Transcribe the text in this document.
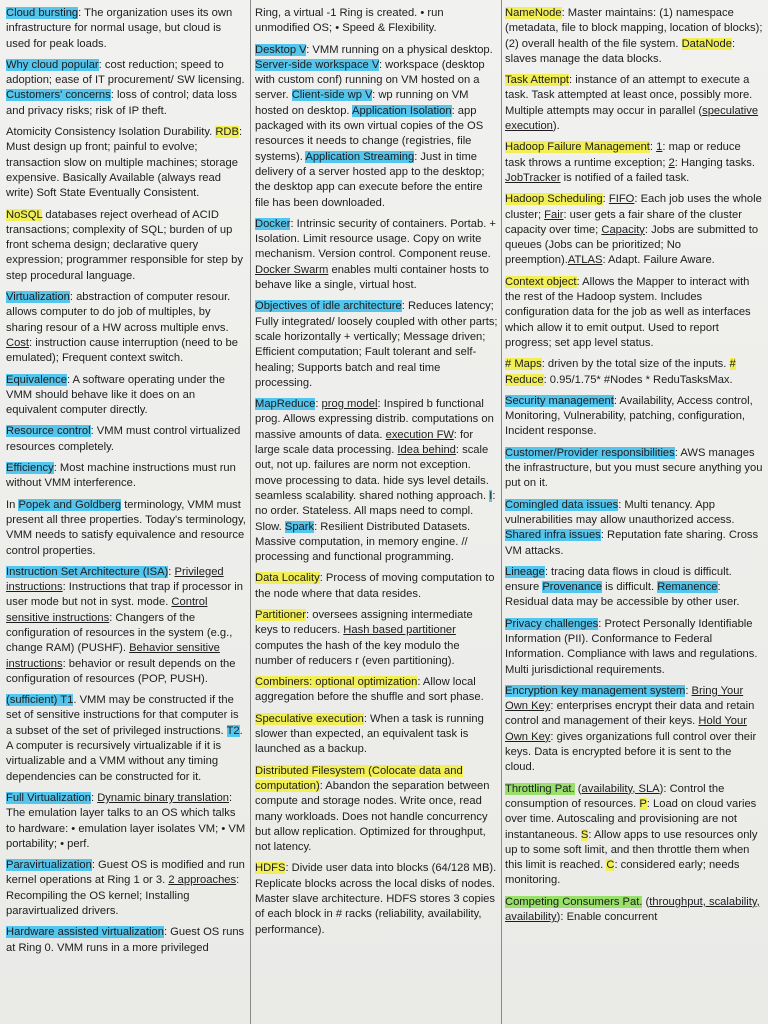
Cloud bursting: The organization uses its own infrastructure for normal usage, but cloud is used for peak loads.

Why cloud popular: cost reduction; speed to adoption; ease of IT procurement/ SW licensing. Customers' concerns: loss of control; data loss and privacy risks; risk of IP theft.

Atomicity Consistency Isolation Durability. RDB: Must design up front; painful to evolve; transaction slow on multiple machines; storage expensive. Basically Available (always read write) Soft State Eventually Consistent.

NoSQL databases reject overhead of ACID transactions; complexity of SQL; burden of up front schema design; declarative query expression; programmer responsible for step by step procedural language.

Virtualization: abstraction of computer resour. allows computer to do job of multiples, by sharing resour of a HW across multiple envs. Cost: instruction cause interruption (need to be emulated); Frequent context switch.

Equivalence: A software operating under the VMM should behave like it does on an equivalent computer directly.

Resource control: VMM must control virtualized resources completely.

Efficiency: Most machine instructions must run without VMM interference.

In Popek and Goldberg terminology, VMM must present all three properties. Today's terminology, VMM needs to satisfy equivalence and resource control properties.

Instruction Set Architecture (ISA): Privileged instructions: Instructions that trap if processor in user mode but not in syst. mode. Control sensitive instructions: Changers of the configuration of resources in the system (e.g., change RAM) (PUSHF). Behavior sensitive instructions: behavior or result depends on the configuration of resources (POP, PUSH).

(sufficient) T1. VMM may be constructed if the set of sensitive instructions for that computer is a subset of the set of privileged instructions. T2. A computer is recursively virtualizable if it is virtualizable and a VMM without any timing dependencies can be constructed for it.

Full Virtualization: Dynamic binary translation: The emulation layer talks to an OS which talks to hardware: • emulation layer isolates VM; • VM portability; • perf.

Paravirtualization: Guest OS is modified and run kernel operations at Ring 1 or 3. 2 approaches: Recompiling the OS kernel; Installing paravirtualized drivers.

Hardware assisted virtualization: Guest OS runs at Ring 0. VMM runs in a more privileged

Ring, a virtual -1 Ring is created. • run unmodified OS; • Speed & Flexibility.

Desktop V: VMM running on a physical desktop. Server-side workspace V: workspace (desktop with custom conf) running on VM hosted on a server. Client-side wp V: wp running on VM hosted on desktop. Application Isolation: app packaged with its own virtual copies of the OS resources it needs to change (registries, file systems). Application Streaming: Just in time delivery of a server hosted app to the desktop; the desktop app can execute before the entire file has been downloaded.

Docker: Intrinsic security of containers. Portab. + Isolation. Limit resource usage. Copy on write mechanism. Version control. Component reuse. Docker Swarm enables multi container hosts to behave like a single, virtual host.

Objectives of idle architecture: Reduces latency; Fully integrated/ loosely coupled with other parts; scale horizontally + vertically; Message driven; Efficient computation; Fault tolerant and self-healing; Supports batch and real time processing.

MapReduce: prog model: Inspired b functional prog. Allows expressing distrib. computations on massive amounts of data. execution FW: for large scale data processing. Idea behind: scale out, not up. failures are norm not exception. move processing to data. hide sys level details. seamless scalability. shared nothing approach. I: no order. Stateless. All maps need to compl. Slow. Spark: Resilient Distributed Datasets. Massive computation, in memory engine. // processing and functional programming.

Data Locality: Process of moving computation to the node where that data resides.

Partitioner: oversees assigning intermediate keys to reducers. Hash based partitioner computes the hash of the key modulo the number of reducers r (even partitioning).

Combiners: optional optimization: Allow local aggregation before the shuffle and sort phase.

Speculative execution: When a task is running slower than expected, an equivalent task is launched as a backup.

Distributed Filesystem (Colocate data and computation): Abandon the separation between compute and storage nodes. Write once, read many workloads. Does not handle concurrency but allow replication. Optimized for throughput, not latency.

HDFS: Divide user data into blocks (64/128 MB). Replicate blocks across the local disks of nodes. Master slave architecture. HDFS stores 3 copies of each block in # racks (reliability, availability, performance).

NameNode: Master maintains: (1) namespace (metadata, file to block mapping, location of blocks); (2) overall health of the file system. DataNode: slaves manage the data blocks.

Task Attempt: instance of an attempt to execute a task. Task attempted at least once, possibly more. Multiple attempts may occur in parallel (speculative execution).

Hadoop Failure Management: 1: map or reduce task throws a runtime exception; 2: Hanging tasks. JobTracker is notified of a failed task.

Hadoop Scheduling: FIFO: Each job uses the whole cluster; Fair: user gets a fair share of the cluster capacity over time; Capacity: Jobs are submitted to queues (Jobs can be prioritized; No preemption).ATLAS: Adapt. Failure Aware.

Context object: Allows the Mapper to interact with the rest of the Hadoop system. Includes configuration data for the job as well as interfaces which allow it to emit output. Used to report progress; set app level status.

# Maps: driven by the total size of the inputs. # Reduce: 0.95/1.75* #Nodes * ReduTasksMax.

Security management: Availability, Access control, Monitoring, Vulnerability, patching, configuration, Incident response.

Customer/Provider responsibilities: AWS manages the infrastructure, but you must secure anything you put on it.

Comingled data issues: Multi tenancy. App vulnerabilities may allow unauthorized access. Shared infra issues: Reputation fate sharing. Cross VM attacks.

Lineage: tracing data flows in cloud is difficult. ensure Provenance is difficult. Remanence: Residual data may be accessible by other user.

Privacy challenges: Protect Personally Identifiable Information (PII). Conformance to Federal Information. Compliance with laws and regulations. Multi jurisdictional requirements.

Encryption key management system: Bring Your Own Key: enterprises encrypt their data and retain control and management of their keys. Hold Your Own Key: gives organizations full control over their keys. Data is encrypted before it is sent to the cloud.

Throttling Pat. (availability, SLA): Control the consumption of resources. P: Load on cloud varies over time. Autoscaling and provisioning are not instantaneous. S: Allow apps to use resources only up to some soft limit, and then throttle them when this limit is reached. C: considered early; needs monitoring.

Competing Consumers Pat. (throughput, scalability, availability): Enable concurrent
